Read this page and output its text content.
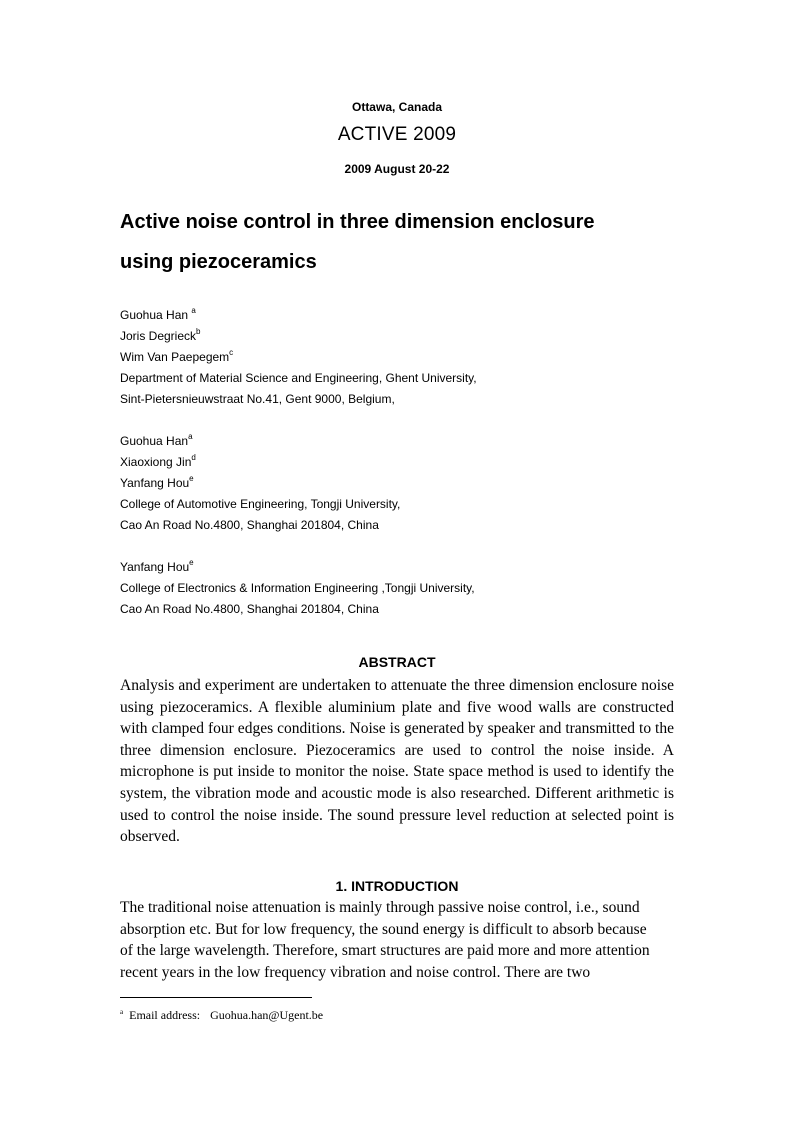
Ottawa, Canada
ACTIVE 2009
2009 August 20-22
Active noise control in three dimension enclosure
using piezoceramics
Guohua Han $^a$
Joris Degrieck$^b$
Wim Van Paepegem$^c$
Department of Material Science and Engineering, Ghent University,
Sint-Pietersnieuwstraat No.41, Gent 9000, Belgium,
Guohua Han$^a$
Xiaoxiong Jin$^d$
Yanfang Hou$^e$
College of Automotive Engineering, Tongji University,
Cao An Road No.4800, Shanghai 201804, China
Yanfang Hou$^e$
College of Electronics & Information Engineering ,Tongji University,
Cao An Road No.4800, Shanghai 201804, China
ABSTRACT
Analysis and experiment are undertaken to attenuate the three dimension enclosure noise using piezoceramics. A flexible aluminium plate and five wood walls are constructed with clamped four edges conditions. Noise is generated by speaker and transmitted to the three dimension enclosure. Piezoceramics are used to control the noise inside. A microphone is put inside to monitor the noise. State space method is used to identify the system, the vibration mode and acoustic mode is also researched. Different arithmetic is used to control the noise inside. The sound pressure level reduction at selected point is observed.
1. INTRODUCTION
The traditional noise attenuation is mainly through passive noise control, i.e., sound
absorption etc. But for low frequency, the sound energy is difficult to absorb because
of the large wavelength. Therefore, smart structures are paid more and more attention
recent years in the low frequency vibration and noise control. There are two
$^a$ Email address: Guohua.han@Ugent.be
